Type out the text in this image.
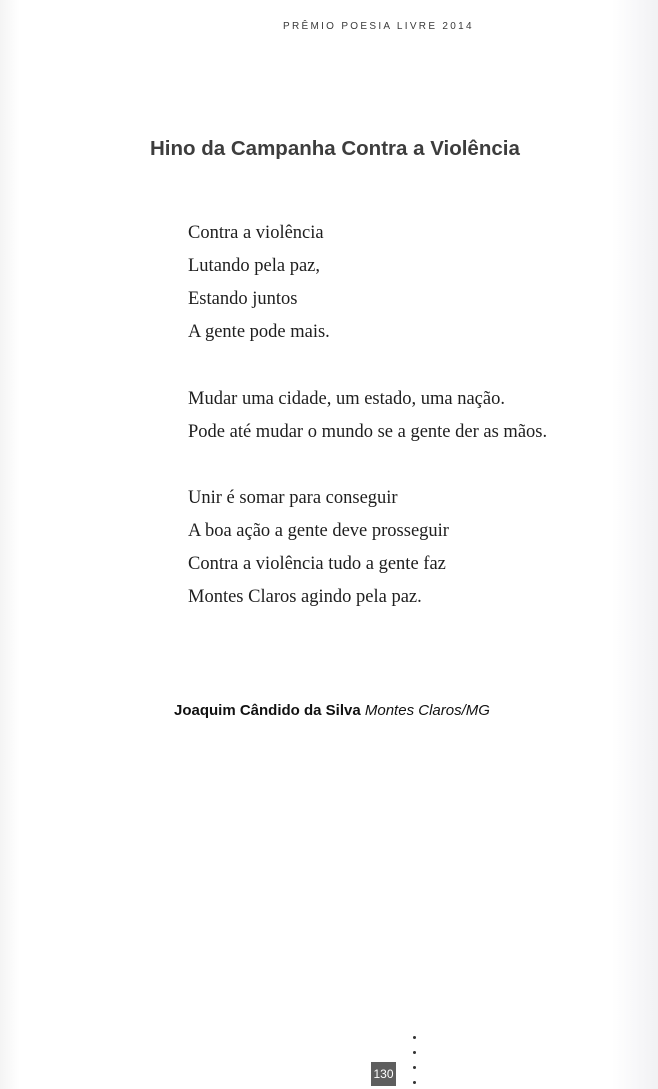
PRÊMIO POESIA LIVRE 2014
Hino da Campanha Contra a Violência
Contra a violência
Lutando pela paz,
Estando juntos
A gente pode mais.
Mudar uma cidade, um estado, uma nação.
Pode até mudar o mundo se a gente der as mãos.
Unir é somar para conseguir
A boa ação a gente deve prosseguir
Contra a violência tudo a gente faz
Montes Claros agindo pela paz.
Joaquim Cândido da Silva Montes Claros/MG
130
